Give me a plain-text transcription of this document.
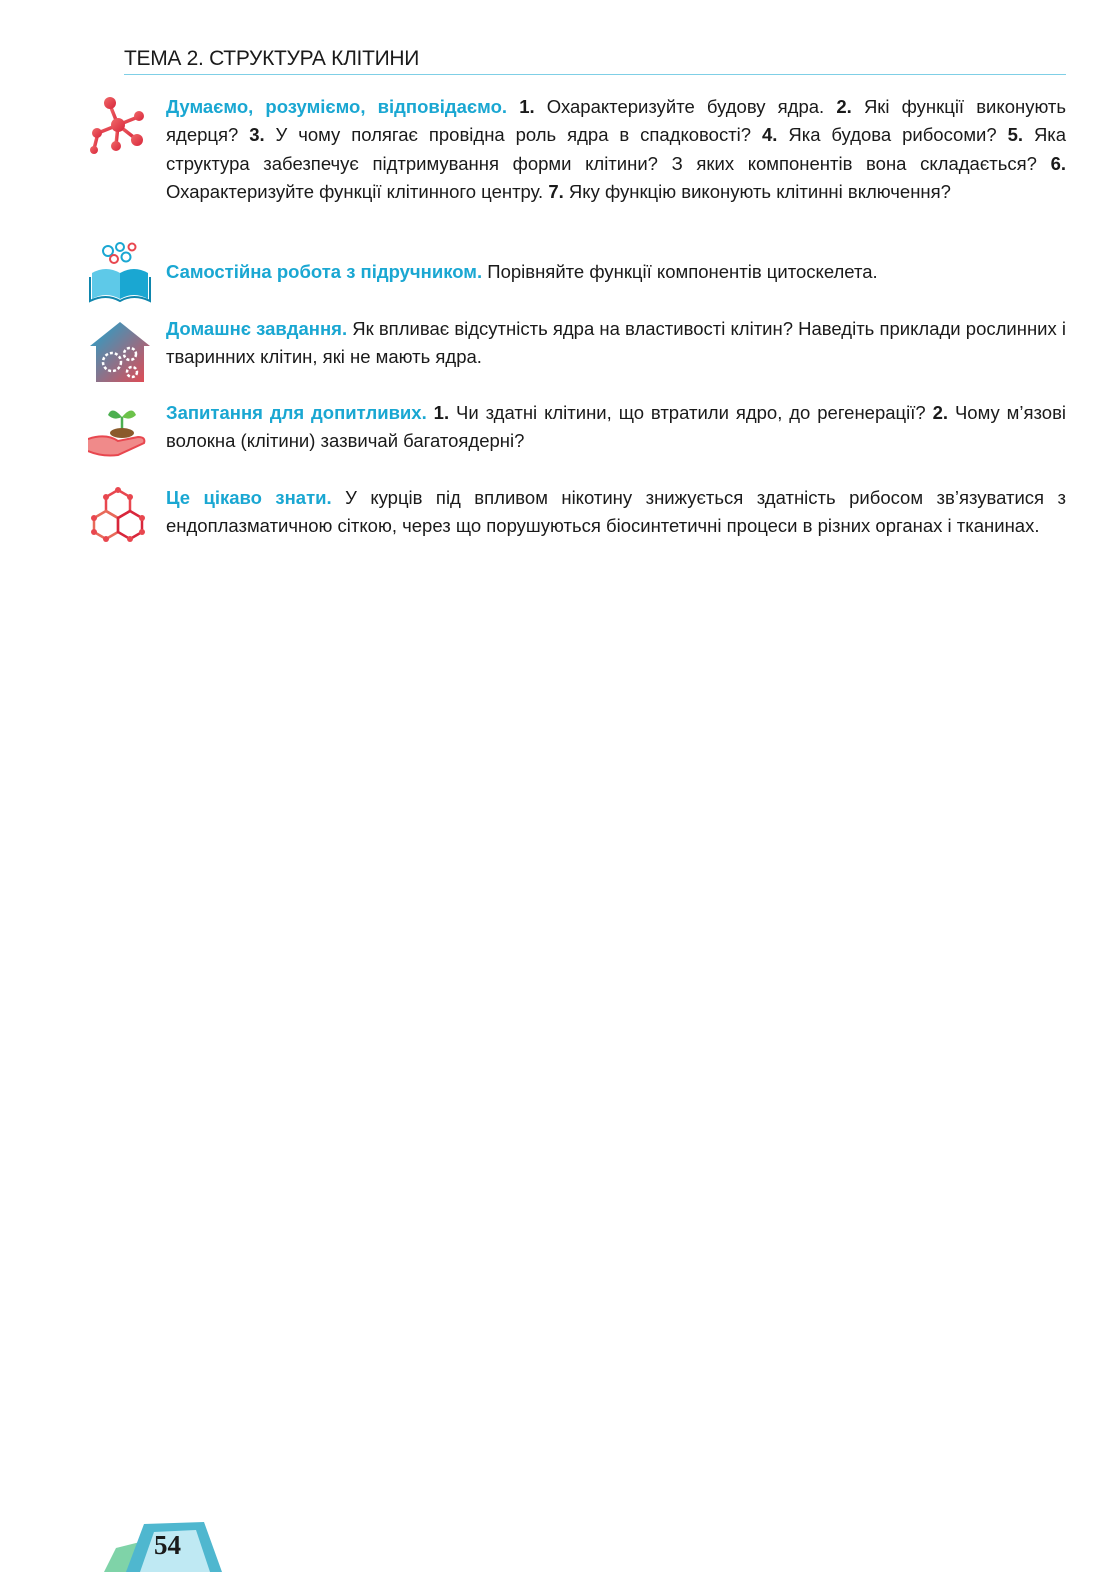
ТЕМА 2. СТРУКТУРА КЛІТИНИ
Думаємо, розуміємо, відповідаємо. 1. Охарактеризуйте будову ядра. 2. Які функції виконують ядерця? 3. У чому полягає провідна роль ядра в спадковості? 4. Яка будова рибосоми? 5. Яка структура забезпечує підтримування форми клітини? З яких компонентів вона складається? 6. Охарактеризуйте функції клітинного центру. 7. Яку функцію виконують клітинні включення?
Самостійна робота з підручником. Порівняйте функції компонентів цитоскелета.
Домашнє завдання. Як впливає відсутність ядра на властивості клітин? Наведіть приклади рослинних і тваринних клітин, які не мають ядра.
Запитання для допитливих. 1. Чи здатні клітини, що втратили ядро, до регенерації? 2. Чому м’язові волокна (клітини) зазвичай багатоядерні?
Це цікаво знати. У курців під впливом нікотину знижується здатність рибосом зв’язуватися з ендоплазматичною сіткою, через що порушуються біосинтетичні процеси в різних органах і тканинах.
54
